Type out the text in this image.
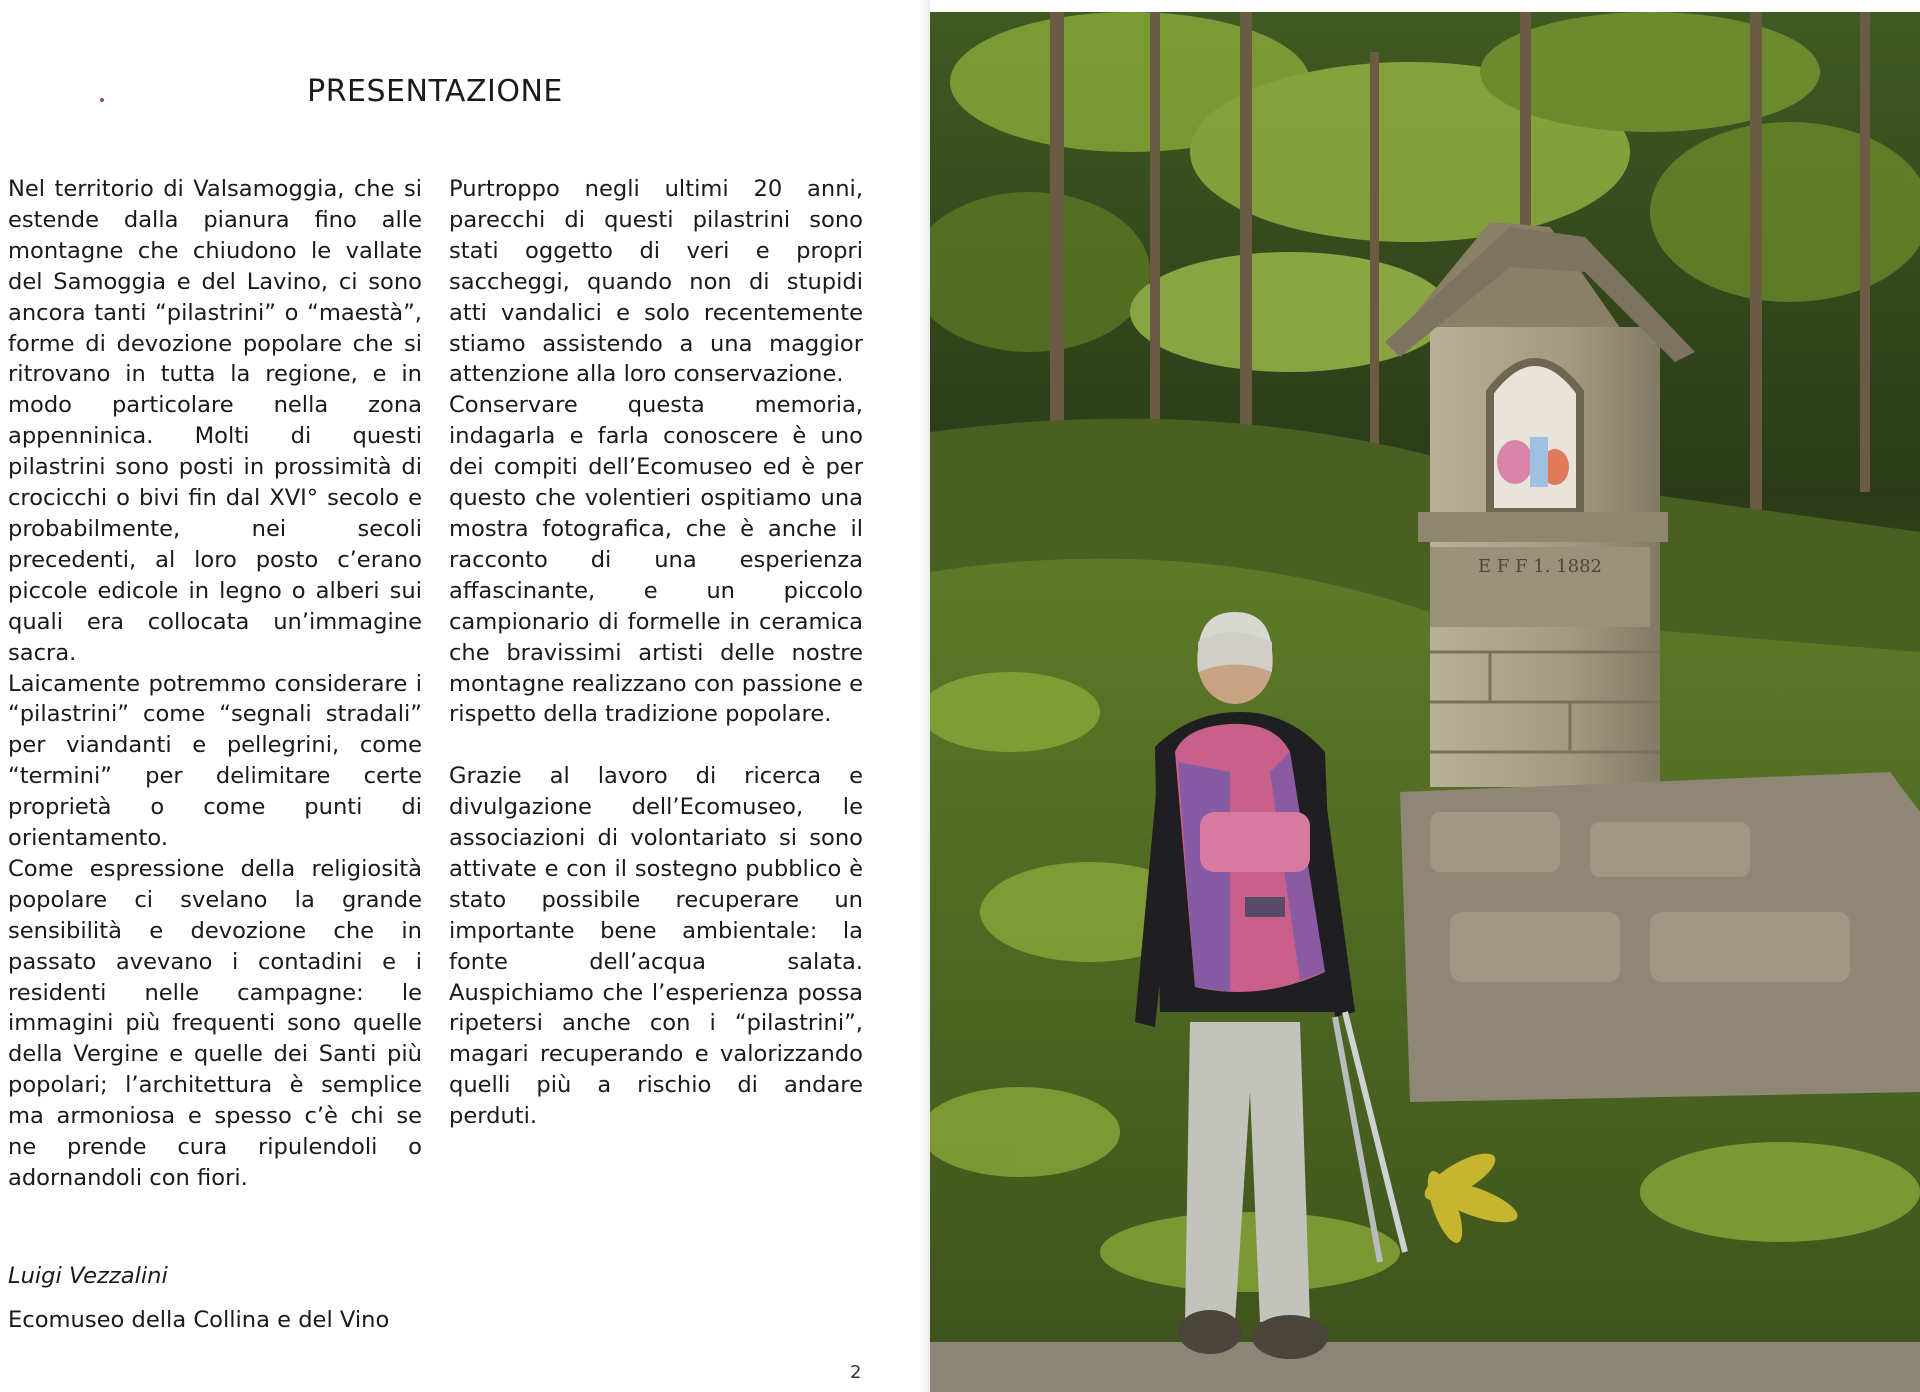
PRESENTAZIONE

Nel territorio di Valsamoggia, che si estende dalla pianura fino alle montagne che chiudono le vallate del Samoggia e del Lavino, ci sono ancora tanti “pilastrini” o “maestà”, forme di devozione popolare che si ritrovano in tutta la regione, e in modo particolare nella zona appenninica. Molti di questi pilastrini sono posti in prossimità di crocicchi o bivi fin dal XVI° secolo e probabilmente, nei secoli precedenti, al loro posto c’erano piccole edicole in legno o alberi sui quali era collocata un’immagine sacra.

Laicamente potremmo considerare i “pilastrini” come “segnali stradali” per viandanti e pellegrini, come “termini” per delimitare certe proprietà o come punti di orientamento.

Come espressione della religiosità popolare ci svelano la grande sensibilità e devozione che in passato avevano i contadini e i residenti nelle campagne: le immagini più frequenti sono quelle della Vergine e quelle dei Santi più popolari; l’architettura è semplice ma armoniosa e spesso c’è chi se ne prende cura ripulendoli o adornandoli con fiori.

Purtroppo negli ultimi 20 anni, parecchi di questi pilastrini sono stati oggetto di veri e propri saccheggi, quando non di stupidi atti vandalici e solo recentemente stiamo assistendo a una maggior attenzione alla loro conservazione.

Conservare questa memoria, indagarla e farla conoscere è uno dei compiti dell’Ecomuseo ed è per questo che volentieri ospitiamo una mostra fotografica, che è anche il racconto di una esperienza affascinante, e un piccolo campionario di formelle in ceramica che bravissimi artisti delle nostre montagne realizzano con passione e rispetto della tradizione popolare.

Grazie al lavoro di ricerca e divulgazione dell’Ecomuseo, le associazioni di volontariato si sono attivate e con il sostegno pubblico è stato possibile recuperare un importante bene ambientale: la fonte dell’acqua salata. Auspichiamo che l’esperienza possa ripetersi anche con i “pilastrini”, magari recuperando e valorizzando quelli più a rischio di andare perduti.

Luigi Vezzalini
Ecomuseo della Collina e del Vino
2
E F F 1. 1882
